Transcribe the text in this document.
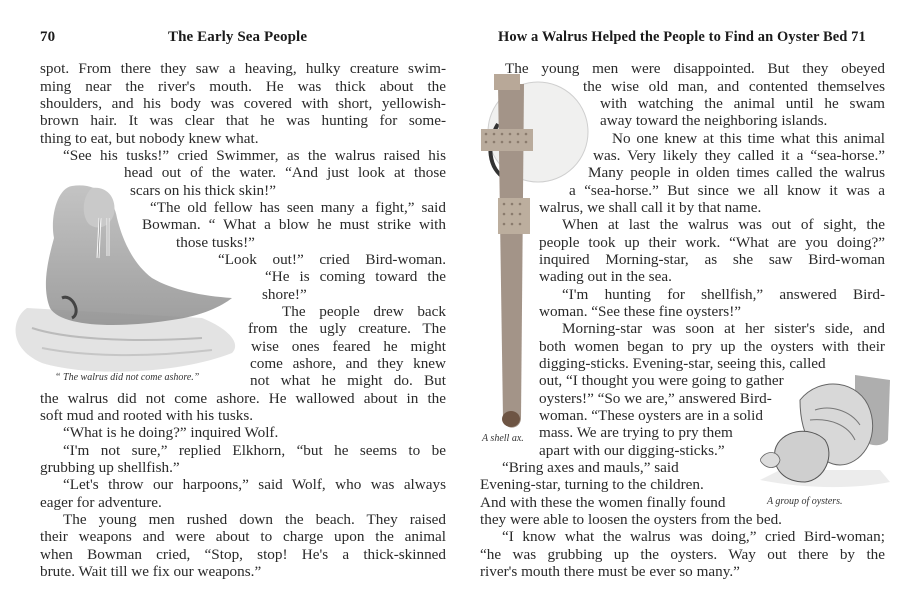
70	The Early Sea People
“ The walrus did not come ashore.”
spot. From there they saw a heaving, hulky creature swim-
ming near the river's mouth. He was thick about the
shoulders, and his body was covered with short, yellowish-
brown hair. It was clear that he was hunting for some-
thing to eat, but nobody knew what.
“See his tusks!” cried Swimmer, as the walrus raised his
head out of the water. “And just look at those
scars on his thick skin!”
“The old fellow has seen many a fight,” said
Bowman. “ What a blow he must strike with
those tusks!”
“Look out!” cried Bird-woman.
“He is coming toward the
shore!”
The people drew back
from the ugly creature. The
wise ones feared he might
come ashore, and they knew
not what he might do. But
the walrus did not come ashore. He wallowed about in the
soft mud and rooted with his tusks.
“What is he doing?” inquired Wolf.
“I'm not sure,” replied Elkhorn, “but he seems to be
grubbing up shellfish.”
“Let's throw our harpoons,” said Wolf, who was always
eager for adventure.
The young men rushed down the beach. They raised
their weapons and were about to charge upon the animal
when Bowman cried, “Stop, stop! He's a thick-skinned
brute. Wait till we fix our weapons.”
How a Walrus Helped the People to Find an Oyster Bed 71
A shell ax.
A group of oysters.
The young men were disappointed. But they obeyed
the wise old man, and contented themselves
with watching the animal until he swam
away toward the neighboring islands.
No one knew at this time what this animal
was. Very likely they called it a “sea-horse.”
Many people in olden times called the walrus
a “sea-horse.” But since we all know it was a
walrus, we shall call it by that name.
When at last the walrus was out of sight, the
people took up their work. “What are you doing?”
inquired Morning-star, as she saw Bird-woman
wading out in the sea.
“I'm hunting for shellfish,” answered Bird-
woman. “See these fine oysters!”
Morning-star was soon at her sister's side, and
both women began to pry up the oysters with their
digging-sticks. Evening-star, seeing this, called
out, “I thought you were going to gather
oysters!” “So we are,” answered Bird-
woman. “These oysters are in a solid
mass. We are trying to pry them
apart with our digging-sticks.”
“Bring axes and mauls,” said
Evening-star, turning to the children.
And with these the women finally found
they were able to loosen the oysters from the bed.
“I know what the walrus was doing,” cried Bird-woman;
“he was grubbing up the oysters. Way out there by the
river's mouth there must be ever so many.”
